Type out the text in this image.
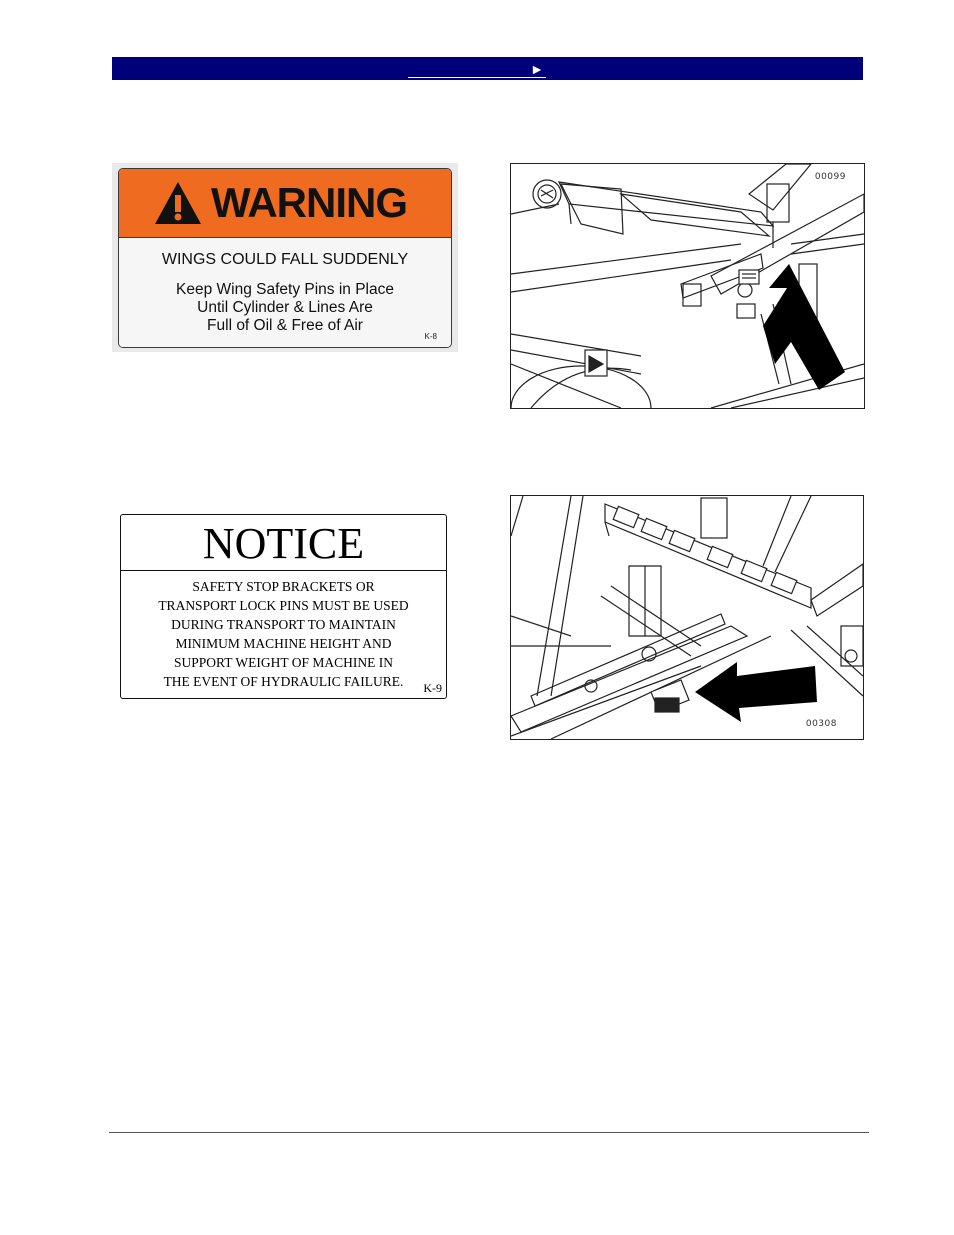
►
WARNING
WINGS COULD FALL SUDDENLY
Keep Wing Safety Pins in Place
Until Cylinder & Lines Are
Full of Oil & Free of Air
K-8
00099
NOTICE
SAFETY STOP BRACKETS OR
TRANSPORT LOCK PINS MUST BE USED
DURING TRANSPORT TO MAINTAIN
MINIMUM MACHINE HEIGHT AND
SUPPORT WEIGHT OF MACHINE IN
THE EVENT OF HYDRAULIC FAILURE.	K-9
00308
